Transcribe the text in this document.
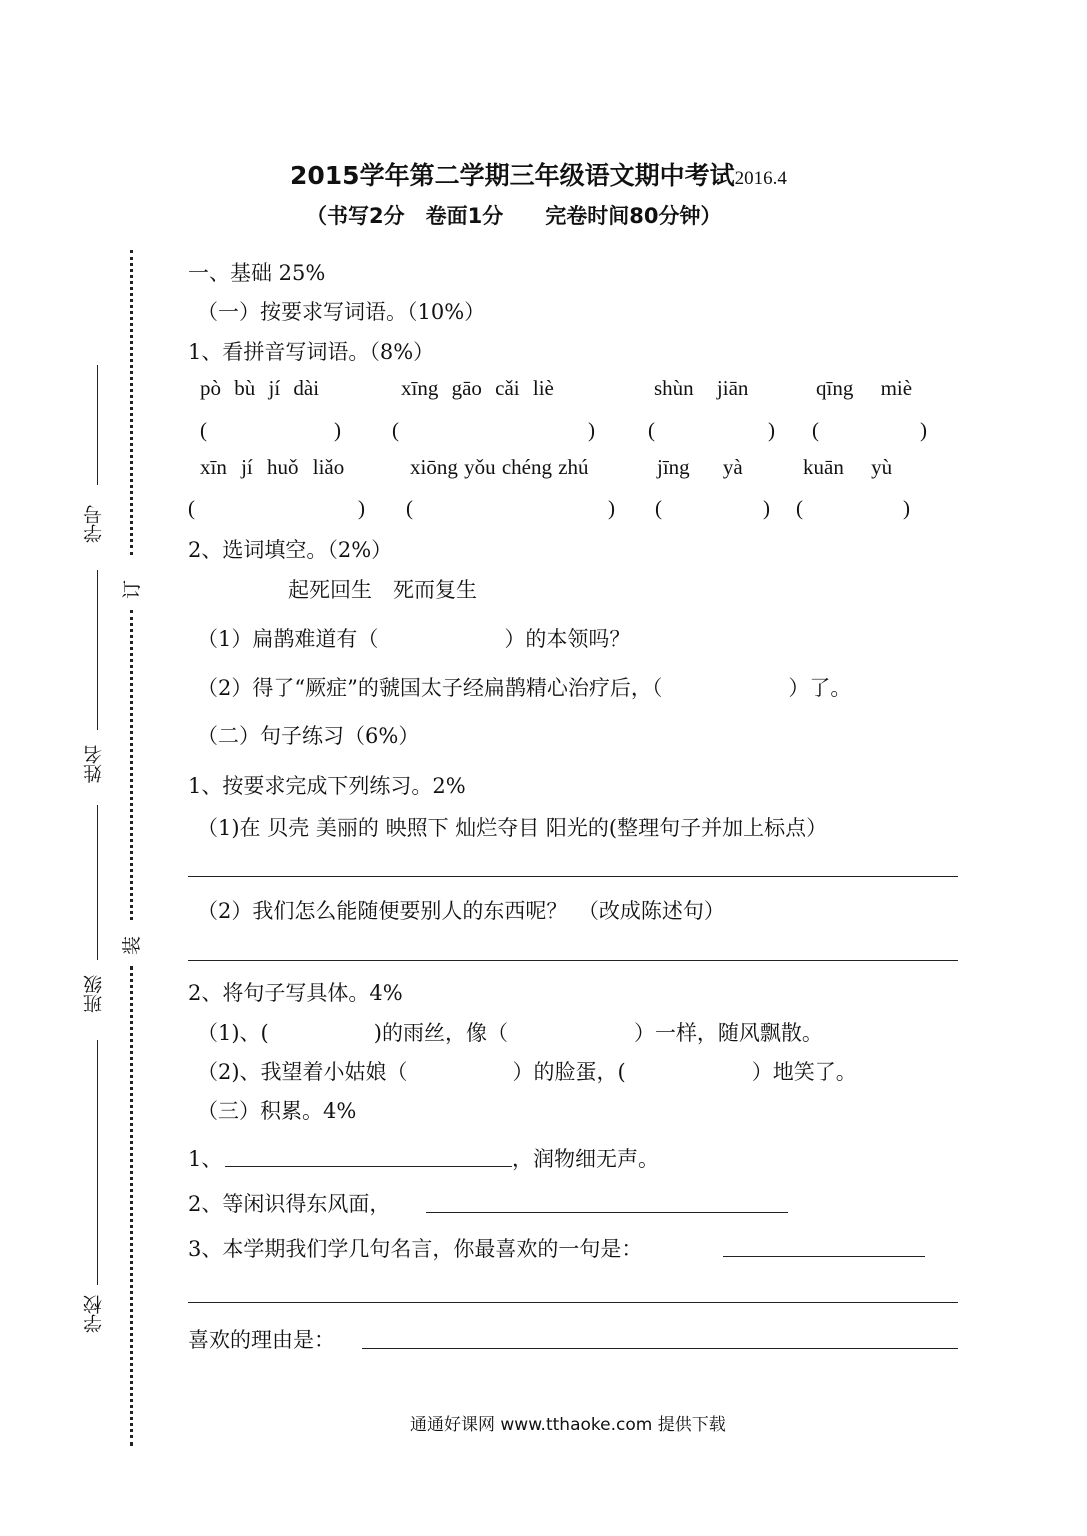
2015学年第二学期三年级语文期中考试2016.4
（书写2分　卷面1分　　完卷时间80分钟）
订
装
学号
姓名
班级
学校
一、基础 25%
（一）按要求写词语。（10%）
1、看拼音写词语。（8%）
pò bù jí dài	xīng gāo cǎi liè	shùn jiān	qīng miè
(	) (	)	(	) (	)
xīn jí huǒ liǎo	xiōng yǒu chéng zhú	jīng yà	kuān yù
(	) (	) (	) (	)
2、选词填空。（2%）
起死回生　死而复生
（1）扁鹊难道有（　　　　　　）的本领吗？
（2）得了“厥症”的虢国太子经扁鹊精心治疗后，（　　　　　　）了。
（二）句子练习（6%）
1、按要求完成下列练习。2%
（1)在 贝壳 美丽的 映照下 灿烂夺目 阳光的(整理句子并加上标点）
（2）我们怎么能随便要别人的东西呢？　（改成陈述句）
2、将句子写具体。4%
（1)、(　　　　　)的雨丝，像（　　　　　　）一样，随风飘散。
（2)、我望着小姑娘（　　　　　）的脸蛋，(　　　　　　）地笑了。
（三）积累。4%
1、	，润物细无声。
2、等闲识得东风面，
3、本学期我们学几句名言，你最喜欢的一句是：
喜欢的理由是：
通通好课网 www.tthaoke.com 提供下载
